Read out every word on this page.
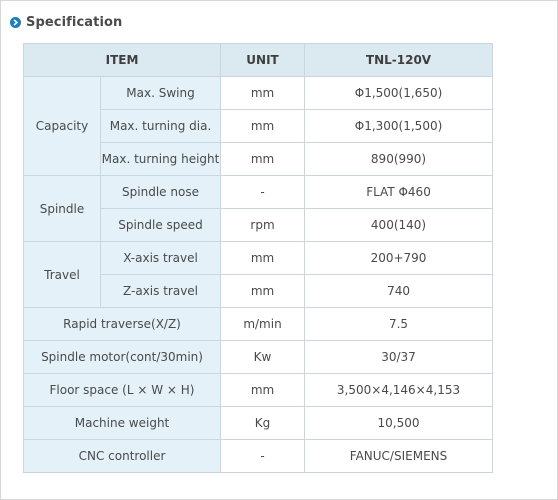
Specification
ITEM		UNIT	TNL-120V
Capacity	Max. Swing	mm	Φ1,500(1,650)
	Max. turning dia.	mm	Φ1,300(1,500)
	Max. turning height	mm	890(990)
Spindle	Spindle nose	-	FLAT Φ460
	Spindle speed	rpm	400(140)
Travel	X-axis travel	mm	200+790
	Z-axis travel	mm	740
Rapid traverse(X/Z)		m/min	7.5
Spindle motor(cont/30min)		Kw	30/37
Floor space (L × W × H)		mm	3,500×4,146×4,153
Machine weight		Kg	10,500
CNC controller		-	FANUC/SIEMENS
